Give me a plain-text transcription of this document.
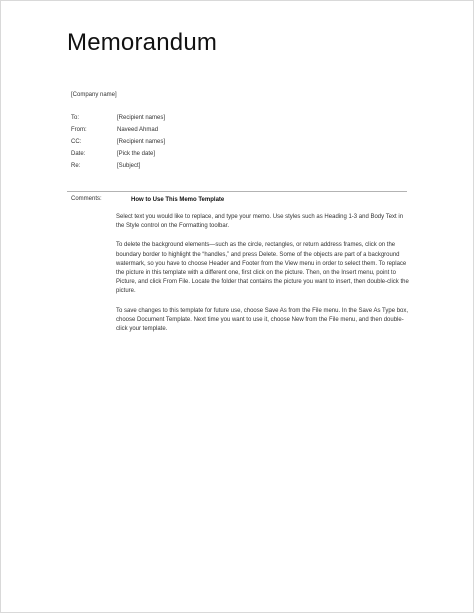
Memorandum
[Company name]
To:	[Recipient names]
From:	Naveed Ahmad
CC:	[Recipient names]
Date:	[Pick the date]
Re:	[Subject]
Comments:	How to Use This Memo Template

Select text you would like to replace, and type your memo. Use styles such as Heading 1-3 and Body Text in the Style control on the Formatting toolbar.

To delete the background elements—such as the circle, rectangles, or return address frames, click on the boundary border to highlight the “handles,” and press Delete. Some of the objects are part of a background watermark, so you have to choose Header and Footer from the View menu in order to select them. To replace the picture in this template with a different one, first click on the picture. Then, on the Insert menu, point to Picture, and click From File. Locate the folder that contains the picture you want to insert, then double-click the picture.

To save changes to this template for future use, choose Save As from the File menu. In the Save As Type box, choose Document Template. Next time you want to use it, choose New from the File menu, and then double-click your template.
